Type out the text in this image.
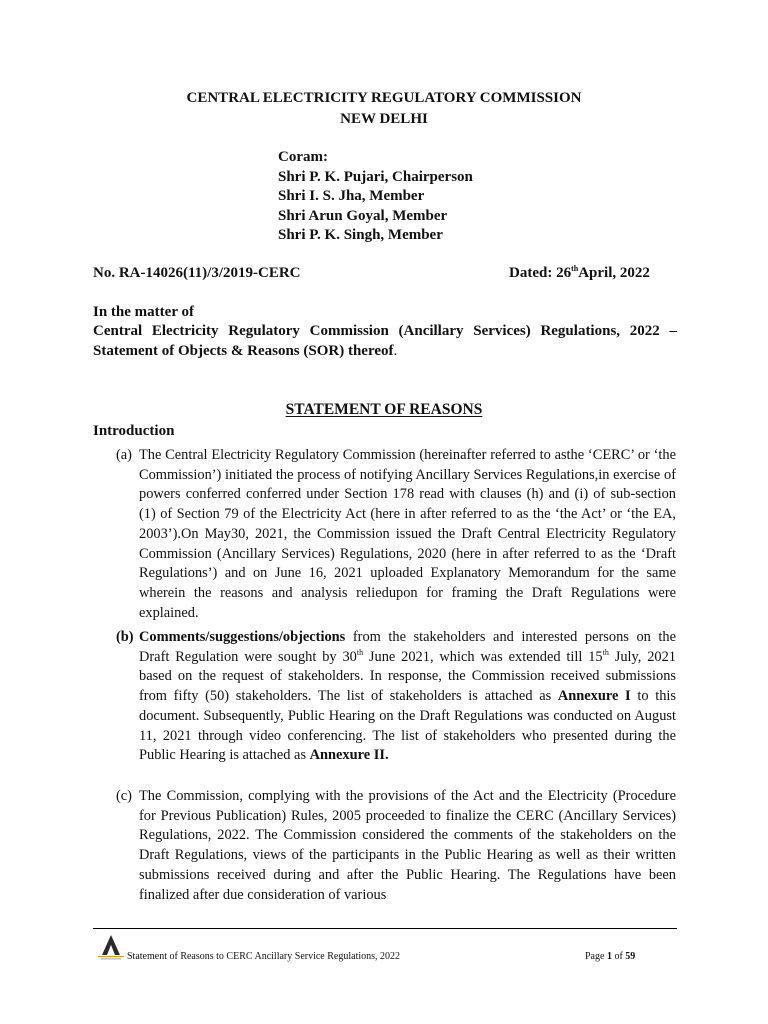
CENTRAL ELECTRICITY REGULATORY COMMISSION
NEW DELHI
Coram:
Shri P. K. Pujari, Chairperson
Shri I. S. Jha, Member
Shri Arun Goyal, Member
Shri P. K. Singh, Member
No. RA-14026(11)/3/2019-CERC	Dated: 26thApril, 2022
In the matter of
Central Electricity Regulatory Commission (Ancillary Services) Regulations, 2022 – Statement of Objects & Reasons (SOR) thereof.
STATEMENT OF REASONS
Introduction
(a) The Central Electricity Regulatory Commission (hereinafter referred to asthe ‘CERC’ or ‘the Commission’) initiated the process of notifying Ancillary Services Regulations,in exercise of powers conferred conferred under Section 178 read with clauses (h) and (i) of sub-section (1) of Section 79 of the Electricity Act (here in after referred to as the ‘the Act’ or ‘the EA, 2003’).On May30, 2021, the Commission issued the Draft Central Electricity Regulatory Commission (Ancillary Services) Regulations, 2020 (here in after referred to as the ‘Draft Regulations’) and on June 16, 2021 uploaded Explanatory Memorandum for the same wherein the reasons and analysis reliedupon for framing the Draft Regulations were explained.
(b) Comments/suggestions/objections from the stakeholders and interested persons on the Draft Regulation were sought by 30th June 2021, which was extended till 15th July, 2021 based on the request of stakeholders. In response, the Commission received submissions from fifty (50) stakeholders. The list of stakeholders is attached as Annexure I to this document. Subsequently, Public Hearing on the Draft Regulations was conducted on August 11, 2021 through video conferencing. The list of stakeholders who presented during the Public Hearing is attached as Annexure II.
(c) The Commission, complying with the provisions of the Act and the Electricity (Procedure for Previous Publication) Rules, 2005 proceeded to finalize the CERC (Ancillary Services) Regulations, 2022. The Commission considered the comments of the stakeholders on the Draft Regulations, views of the participants in the Public Hearing as well as their written submissions received during and after the Public Hearing. The Regulations have been finalized after due consideration of various
Statement of Reasons to CERC Ancillary Service Regulations, 2022	Page 1 of 59
